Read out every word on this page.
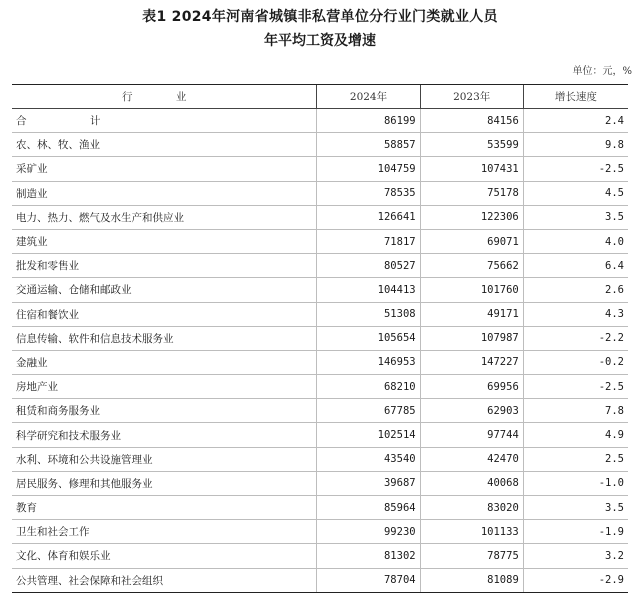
表1 2024年河南省城镇非私营单位分行业门类就业人员
年平均工资及增速
单位：元，%
行 业	2024年	2023年	增长速度
合 计	86199	84156	2.4
农、林、牧、渔业	58857	53599	9.8
采矿业	104759	107431	-2.5
制造业	78535	75178	4.5
电力、热力、燃气及水生产和供应业	126641	122306	3.5
建筑业	71817	69071	4.0
批发和零售业	80527	75662	6.4
交通运输、仓储和邮政业	104413	101760	2.6
住宿和餐饮业	51308	49171	4.3
信息传输、软件和信息技术服务业	105654	107987	-2.2
金融业	146953	147227	-0.2
房地产业	68210	69956	-2.5
租赁和商务服务业	67785	62903	7.8
科学研究和技术服务业	102514	97744	4.9
水利、环境和公共设施管理业	43540	42470	2.5
居民服务、修理和其他服务业	39687	40068	-1.0
教育	85964	83020	3.5
卫生和社会工作	99230	101133	-1.9
文化、体育和娱乐业	81302	78775	3.2
公共管理、社会保障和社会组织	78704	81089	-2.9
